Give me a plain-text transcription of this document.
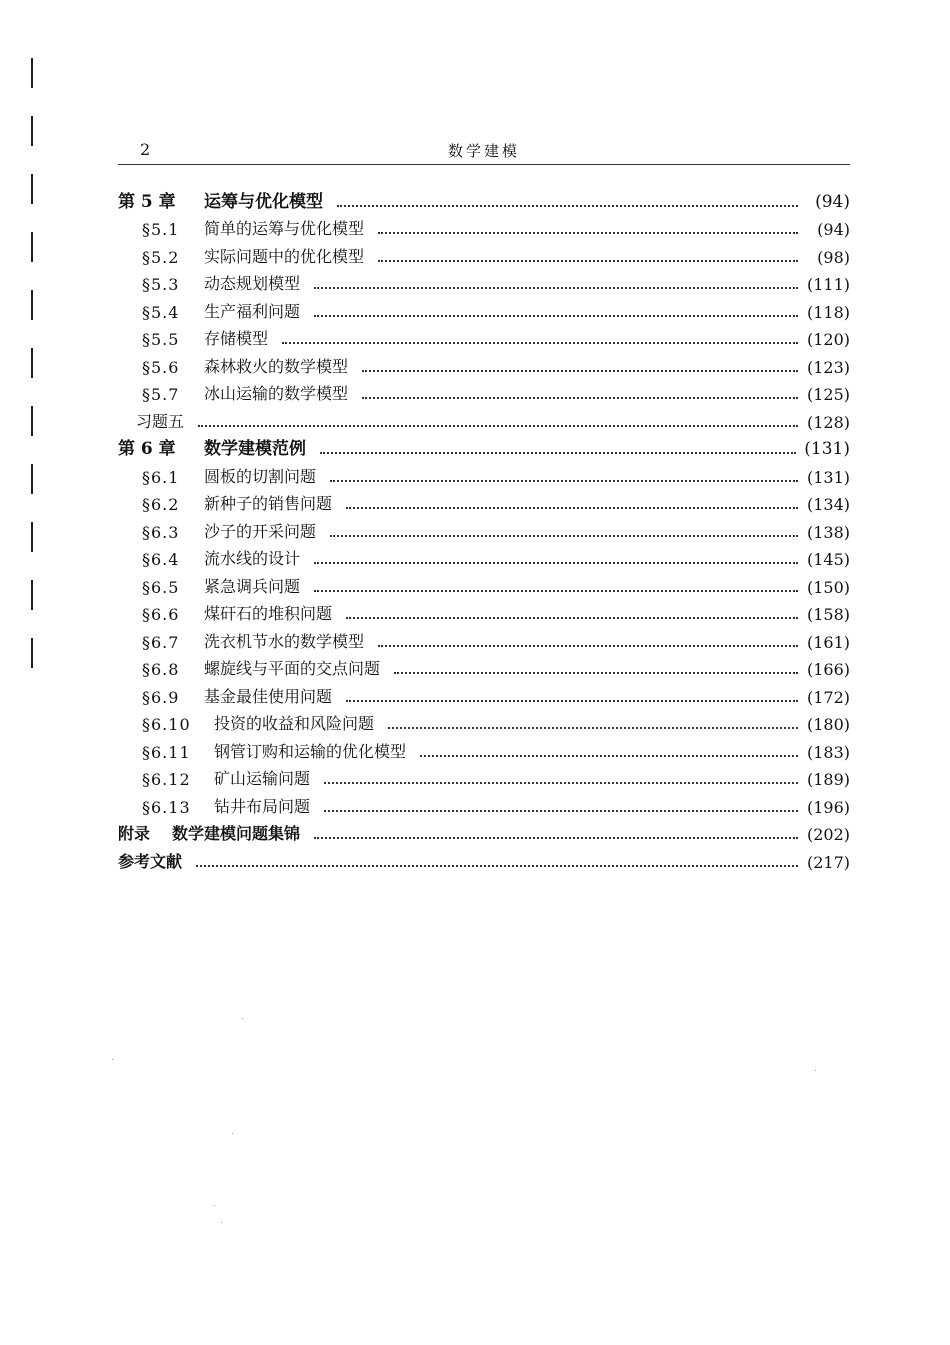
2	数学建模
第 5 章	运筹与优化模型	(94)
§5.1	简单的运筹与优化模型	(94)
§5.2	实际问题中的优化模型	(98)
§5.3	动态规划模型	(111)
§5.4	生产福利问题	(118)
§5.5	存储模型	(120)
§5.6	森林救火的数学模型	(123)
§5.7	冰山运输的数学模型	(125)
习题五	(128)
第 6 章	数学建模范例	(131)
§6.1	圆板的切割问题	(131)
§6.2	新种子的销售问题	(134)
§6.3	沙子的开采问题	(138)
§6.4	流水线的设计	(145)
§6.5	紧急调兵问题	(150)
§6.6	煤矸石的堆积问题	(158)
§6.7	洗衣机节水的数学模型	(161)
§6.8	螺旋线与平面的交点问题	(166)
§6.9	基金最佳使用问题	(172)
§6.10	投资的收益和风险问题	(180)
§6.11	钢管订购和运输的优化模型	(183)
§6.12	矿山运输问题	(189)
§6.13	钻井布局问题	(196)
附录	数学建模问题集锦	(202)
参考文献	(217)
